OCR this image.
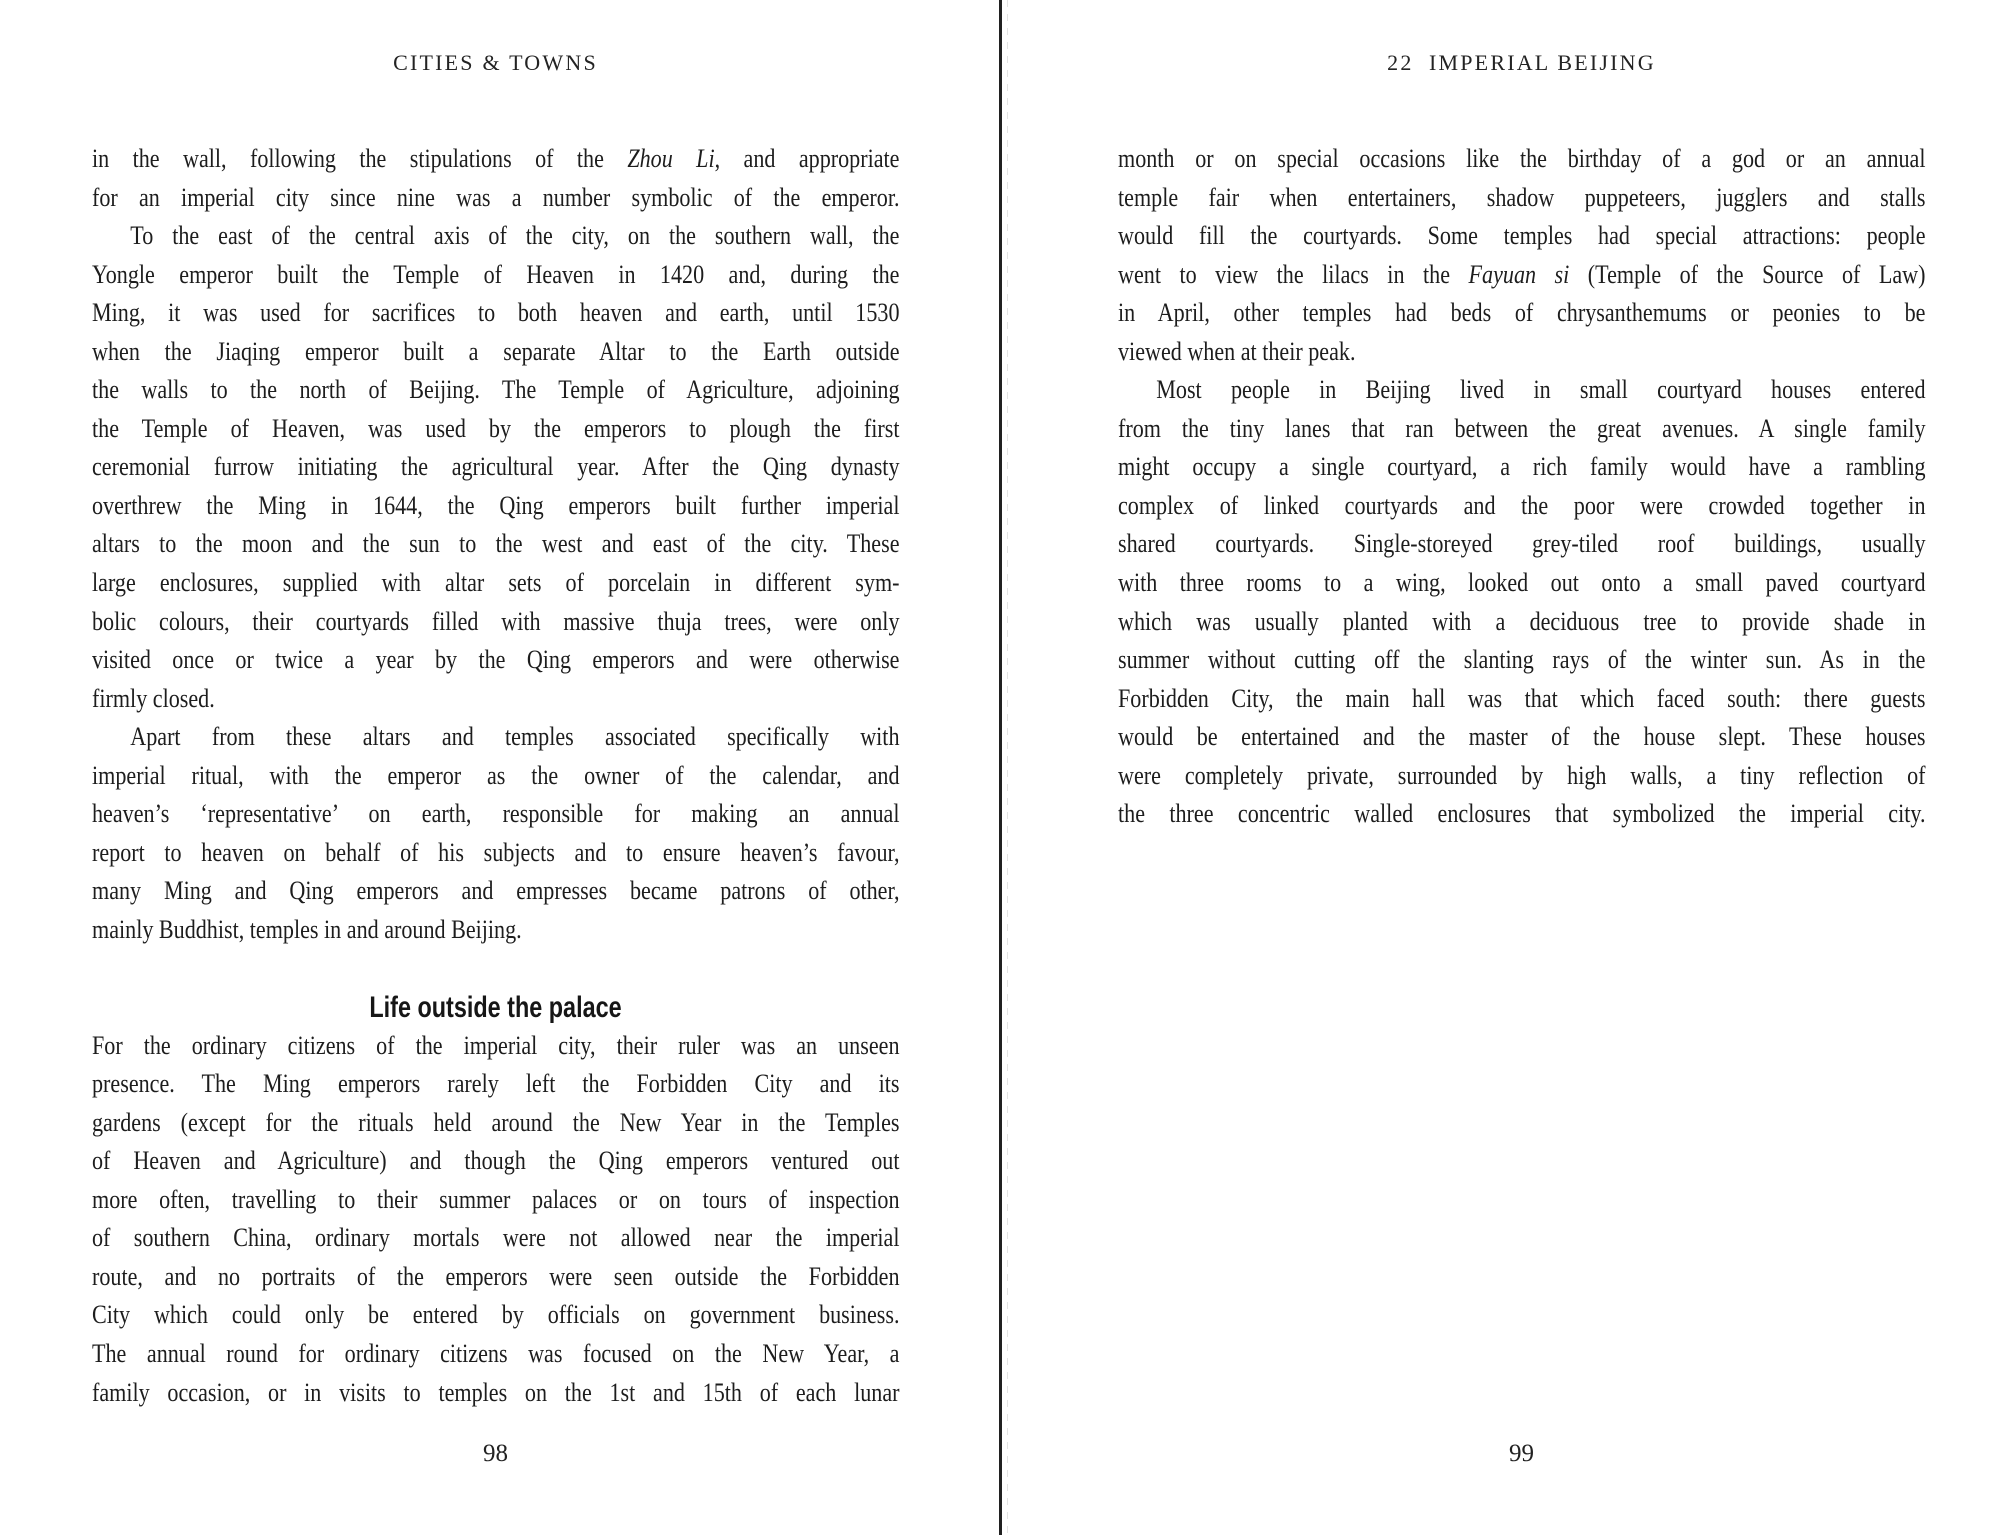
CITIES & TOWNS
in the wall, following the stipulations of the Zhou Li, and appropriate
for an imperial city since nine was a number symbolic of the emperor.
To the east of the central axis of the city, on the southern wall, the
Yongle emperor built the Temple of Heaven in 1420 and, during the
Ming, it was used for sacrifices to both heaven and earth, until 1530
when the Jiaqing emperor built a separate Altar to the Earth outside
the walls to the north of Beijing. The Temple of Agriculture, adjoining
the Temple of Heaven, was used by the emperors to plough the first
ceremonial furrow initiating the agricultural year. After the Qing dynasty
overthrew the Ming in 1644, the Qing emperors built further imperial
altars to the moon and the sun to the west and east of the city. These
large enclosures, supplied with altar sets of porcelain in different sym-
bolic colours, their courtyards filled with massive thuja trees, were only
visited once or twice a year by the Qing emperors and were otherwise
firmly closed.
Apart from these altars and temples associated specifically with
imperial ritual, with the emperor as the owner of the calendar, and
heaven’s ‘representative’ on earth, responsible for making an annual
report to heaven on behalf of his subjects and to ensure heaven’s favour,
many Ming and Qing emperors and empresses became patrons of other,
mainly Buddhist, temples in and around Beijing.
Life outside the palace
For the ordinary citizens of the imperial city, their ruler was an unseen
presence. The Ming emperors rarely left the Forbidden City and its
gardens (except for the rituals held around the New Year in the Temples
of Heaven and Agriculture) and though the Qing emperors ventured out
more often, travelling to their summer palaces or on tours of inspection
of southern China, ordinary mortals were not allowed near the imperial
route, and no portraits of the emperors were seen outside the Forbidden
City which could only be entered by officials on government business.
The annual round for ordinary citizens was focused on the New Year, a
family occasion, or in visits to temples on the 1st and 15th of each lunar
98
22  IMPERIAL BEIJING
month or on special occasions like the birthday of a god or an annual
temple fair when entertainers, shadow puppeteers, jugglers and stalls
would fill the courtyards. Some temples had special attractions: people
went to view the lilacs in the Fayuan si (Temple of the Source of Law)
in April, other temples had beds of chrysanthemums or peonies to be
viewed when at their peak.
Most people in Beijing lived in small courtyard houses entered
from the tiny lanes that ran between the great avenues. A single family
might occupy a single courtyard, a rich family would have a rambling
complex of linked courtyards and the poor were crowded together in
shared courtyards. Single-storeyed grey-tiled roof buildings, usually
with three rooms to a wing, looked out onto a small paved courtyard
which was usually planted with a deciduous tree to provide shade in
summer without cutting off the slanting rays of the winter sun. As in the
Forbidden City, the main hall was that which faced south: there guests
would be entertained and the master of the house slept. These houses
were completely private, surrounded by high walls, a tiny reflection of
the three concentric walled enclosures that symbolized the imperial city.
99
